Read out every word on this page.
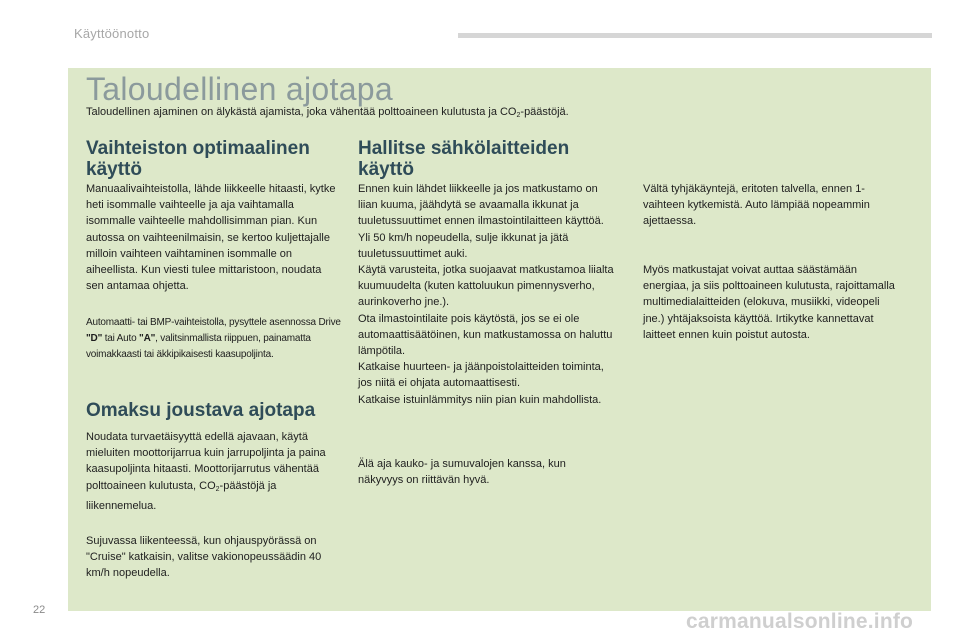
Käyttöönotto
Taloudellinen ajotapa
Taloudellinen ajaminen on älykästä ajamista, joka vähentää polttoaineen kulutusta ja $CO_2$-päästöjä.
Vaihteiston optimaalinen käyttö
Manuaalivaihteistolla, lähde liikkeelle hitaasti, kytke heti isommalle vaihteelle ja aja vaihtamalla isommalle vaihteelle mahdollisimman pian. Kun autossa on vaihteenilmaisin, se kertoo kuljettajalle milloin vaihteen vaihtaminen isommalle on aiheellista. Kun viesti tulee mittaristoon, noudata sen antamaa ohjetta.
Automaatti- tai BMP-vaihteistolla, pysyttele asennossa Drive "D" tai Auto "A", valitsinmallista riippuen, painamatta voimakkaasti tai äkkipikaisesti kaasupoljinta.
Omaksu joustava ajotapa
Noudata turvaetäisyyttä edellä ajavaan, käytä mieluiten moottorijarrua kuin jarrupoljinta ja paina kaasupoljinta hitaasti. Moottorijarrutus vähentää polttoaineen kulutusta, $CO_2$-päästöjä ja liikennemelua.
Sujuvassa liikenteessä, kun ohjauspyörässä on "Cruise" katkaisin, valitse vakionopeussäädin 40 km/h nopeudella.
Hallitse sähkölaitteiden käyttö
Ennen kuin lähdet liikkeelle ja jos matkustamo on liian kuuma, jäähdytä se avaamalla ikkunat ja tuuletussuuttimet ennen ilmastointilaitteen käyttöä.
Yli 50 km/h nopeudella, sulje ikkunat ja jätä tuuletussuuttimet auki.
Käytä varusteita, jotka suojaavat matkustamoa liialta kuumuudelta (kuten kattoluukun pimennysverho, aurinkoverho jne.).
Ota ilmastointilaite pois käytöstä, jos se ei ole automaattisäätöinen, kun matkustamossa on haluttu lämpötila.
Katkaise huurteen- ja jäänpoistolaitteiden toiminta, jos niitä ei ohjata automaattisesti.
Katkaise istuinlämmitys niin pian kuin mahdollista.
Älä aja kauko- ja sumuvalojen kanssa, kun näkyvyys on riittävän hyvä.
Vältä tyhjäkäyntejä, eritoten talvella, ennen 1-vaihteen kytkemistä. Auto lämpiää nopeammin ajettaessa.
Myös matkustajat voivat auttaa säästämään energiaa, ja siis polttoaineen kulutusta, rajoittamalla multimedialaitteiden (elokuva, musiikki, videopeli jne.) yhtäjaksoista käyttöä. Irtikytke kannettavat laitteet ennen kuin poistut autosta.
22	carmanualsonline.info
